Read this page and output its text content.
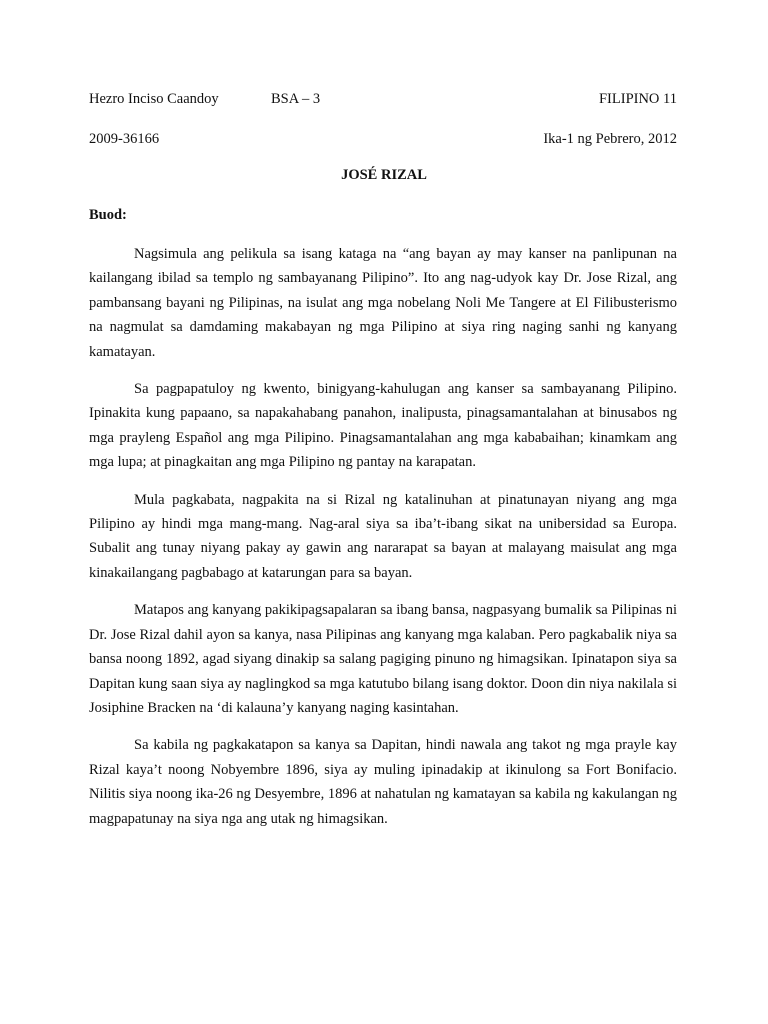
Hezro Inciso Caandoy	BSA – 3	FILIPINO 11
2009-36166	Ika-1 ng Pebrero, 2012
JOSÉ RIZAL
Buod:

Nagsimula ang pelikula sa isang kataga na “ang bayan ay may kanser na panlipunan na kailangang ibilad sa templo ng sambayanang Pilipino”. Ito ang nag-udyok kay Dr. Jose Rizal, ang pambansang bayani ng Pilipinas, na isulat ang mga nobelang Noli Me Tangere at El Filibusterismo na nagmulat sa damdaming makabayan ng mga Pilipino at siya ring naging sanhi ng kanyang kamatayan.

Sa pagpapatuloy ng kwento, binigyang-kahulugan ang kanser sa sambayanang Pilipino. Ipinakita kung papaano, sa napakahabang panahon, inalipusta, pinagsamantalahan at binusabos ng mga prayleng Español ang mga Pilipino. Pinagsamantalahan ang mga kababaihan; kinamkam ang mga lupa; at pinagkaitan ang mga Pilipino ng pantay na karapatan.

Mula pagkabata, nagpakita na si Rizal ng katalinuhan at pinatunayan niyang ang mga Pilipino ay hindi mga mang-mang. Nag-aral siya sa iba’t-ibang sikat na unibersidad sa Europa. Subalit ang tunay niyang pakay ay gawin ang nararapat sa bayan at malayang maisulat ang mga kinakailangang pagbabago at katarungan para sa bayan.

Matapos ang kanyang pakikipagsapalaran sa ibang bansa, nagpasyang bumalik sa Pilipinas ni Dr. Jose Rizal dahil ayon sa kanya, nasa Pilipinas ang kanyang mga kalaban. Pero pagkabalik niya sa bansa noong 1892, agad siyang dinakip sa salang pagiging pinuno ng himagsikan. Ipinatapon siya sa Dapitan kung saan siya ay naglingkod sa mga katutubo bilang isang doktor. Doon din niya nakilala si Josiphine Bracken na ‘di kalauna’y kanyang naging kasintahan.

Sa kabila ng pagkakatapon sa kanya sa Dapitan, hindi nawala ang takot ng mga prayle kay Rizal kaya’t noong Nobyembre 1896, siya ay muling ipinadakip at ikinulong sa Fort Bonifacio. Nilitis siya noong ika-26 ng Desyembre, 1896 at nahatulan ng kamatayan sa kabila ng kakulangan ng magpapatunay na siya nga ang utak ng himagsikan.
